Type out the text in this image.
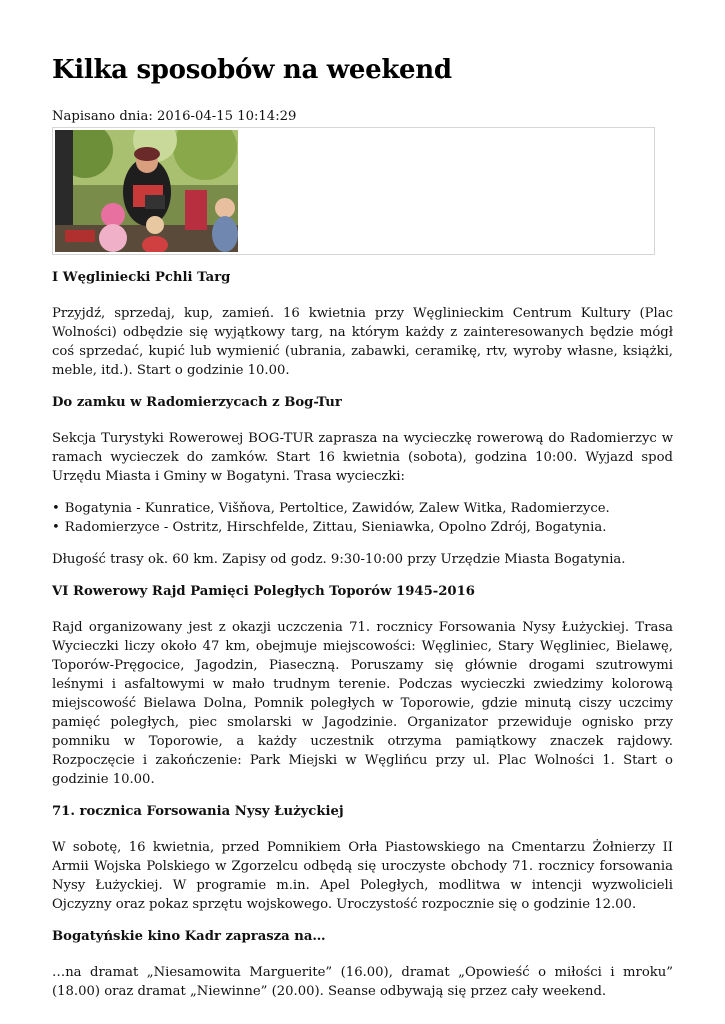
Kilka sposobów na weekend
Napisano dnia: 2016-04-15 10:14:29
I Węgliniecki Pchli Targ

Przyjdź, sprzedaj, kup, zamień. 16 kwietnia przy Węglinieckim Centrum Kultury (Plac Wolności) odbędzie się wyjątkowy targ, na którym każdy z zainteresowanych będzie mógł coś sprzedać, kupić lub wymienić (ubrania, zabawki, ceramikę, rtv, wyroby własne, książki, meble, itd.). Start o godzinie 10.00.

Do zamku w Radomierzycach z Bog-Tur

Sekcja Turystyki Rowerowej BOG-TUR zaprasza na wycieczkę rowerową do Radomierzyc w ramach wycieczek do zamków. Start 16 kwietnia (sobota), godzina 10:00. Wyjazd spod Urzędu Miasta i Gminy w Bogatyni. Trasa wycieczki:

• Bogatynia - Kunratice, Višňova, Pertoltice, Zawidów, Zalew Witka, Radomierzyce.
• Radomierzyce - Ostritz, Hirschfelde, Zittau, Sieniawka, Opolno Zdrój, Bogatynia.

Długość trasy ok. 60 km. Zapisy od godz. 9:30-10:00 przy Urzędzie Miasta Bogatynia.

VI Rowerowy Rajd Pamięci Poległych Toporów 1945-2016

Rajd organizowany jest z okazji uczczenia 71. rocznicy Forsowania Nysy Łużyckiej. Trasa Wycieczki liczy około 47 km, obejmuje miejscowości: Węgliniec, Stary Węgliniec, Bielawę, Toporów-Pręgocice, Jagodzin, Piaseczną. Poruszamy się głównie drogami szutrowymi leśnymi i asfaltowymi w mało trudnym terenie. Podczas wycieczki zwiedzimy kolorową miejscowość Bielawa Dolna, Pomnik poległych w Toporowie, gdzie minutą ciszy uczcimy pamięć poległych, piec smolarski w Jagodzinie. Organizator przewiduje ognisko przy pomniku w Toporowie, a każdy uczestnik otrzyma pamiątkowy znaczek rajdowy. Rozpoczęcie i zakończenie: Park Miejski w Węglińcu przy ul. Plac Wolności 1. Start o godzinie 10.00.

71. rocznica Forsowania Nysy Łużyckiej

W sobotę, 16 kwietnia, przed Pomnikiem Orła Piastowskiego na Cmentarzu Żołnierzy II Armii Wojska Polskiego w Zgorzelcu odbędą się uroczyste obchody 71. rocznicy forsowania Nysy Łużyckiej. W programie m.in. Apel Poległych, modlitwa w intencji wyzwolicieli Ojczyzny oraz pokaz sprzętu wojskowego. Uroczystość rozpocznie się o godzinie 12.00.

Bogatyńskie kino Kadr zaprasza na…

…na dramat „Niesamowita Marguerite” (16.00), dramat „Opowieść o miłości i mroku” (18.00) oraz dramat „Niewinne” (20.00). Seanse odbywają się przez cały weekend.
